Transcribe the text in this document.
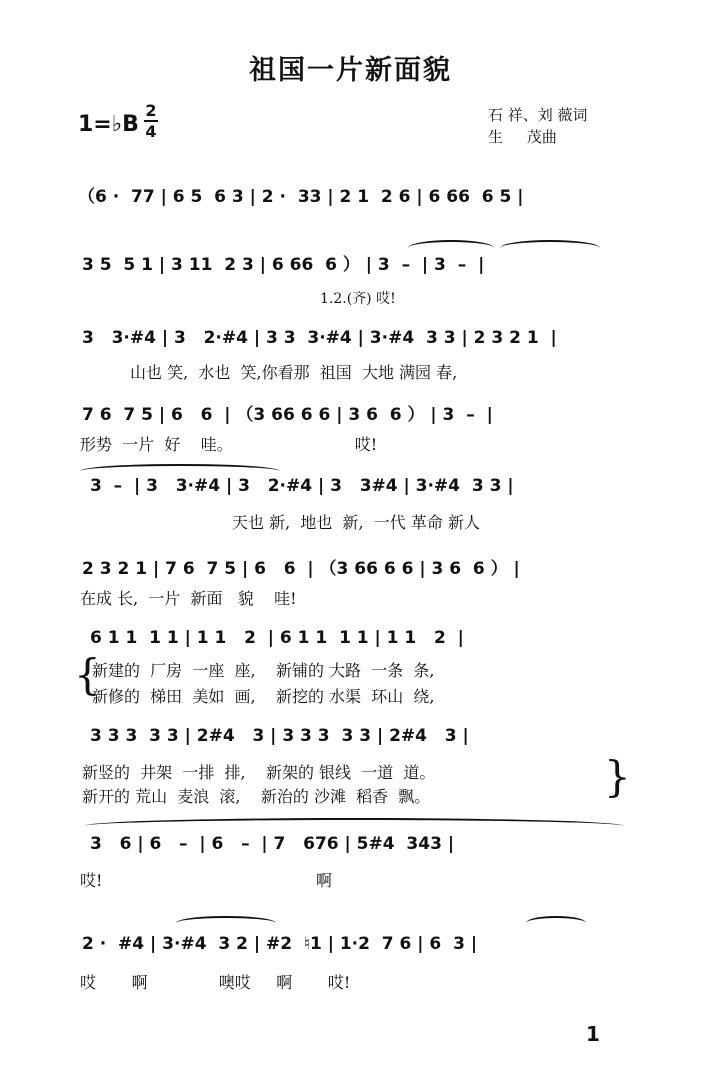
祖国一片新面貌
1=♭B
2
4
石 祥、刘 薇词
生     茂曲
（6 ·  77 | 6 5  6 3 | 2 ·  33 | 2 1  2 6 | 6 66  6 5 |
3 5  5 1 | 3 11  2 3 | 6 66  6 ） | 3  –  | 3  –  |
1.2.(齐) 哎!
3   3·#4 | 3   2·#4 | 3 3  3·#4 | 3·#4  3 3 | 2 3 2 1  |
山也 笑,  水也  笑,你看那  祖国  大地 满园 春,
7 6  7 5 | 6   6  | （3 66 6 6 | 3 6  6 ） | 3  –  |
形势  一片  好    哇。                        哎!
3  –  | 3   3·#4 | 3   2·#4 | 3   3#4 | 3·#4  3 3 |
天也 新,  地也  新,  一代 革命 新人
2 3 2 1 | 7 6  7 5 | 6   6  | （3 66 6 6 | 3 6  6 ） |
在成 长,  一片  新面   貌    哇!
6 1 1  1 1 | 1 1   2  | 6 1 1  1 1 | 1 1   2  |
{
新建的  厂房  一座  座,    新铺的 大路  一条  条,
新修的  梯田  美如  画,    新挖的 水渠  环山  绕,
3 3 3  3 3 | 2#4   3 | 3 3 3  3 3 | 2#4   3 |
新竖的  井架  一排  排,    新架的 银线  一道  道。
新开的 荒山  麦浪  滚,    新治的 沙滩  稻香  飘。	}
3   6 | 6   –  | 6   –  | 7   676 | 5#4  343 |
哎!                                          啊
2 ·  #4 | 3·#4  3 2 | #2  ♮1 | 1·2  7 6 | 6  3 |
哎       啊              噢哎     啊       哎!
1
